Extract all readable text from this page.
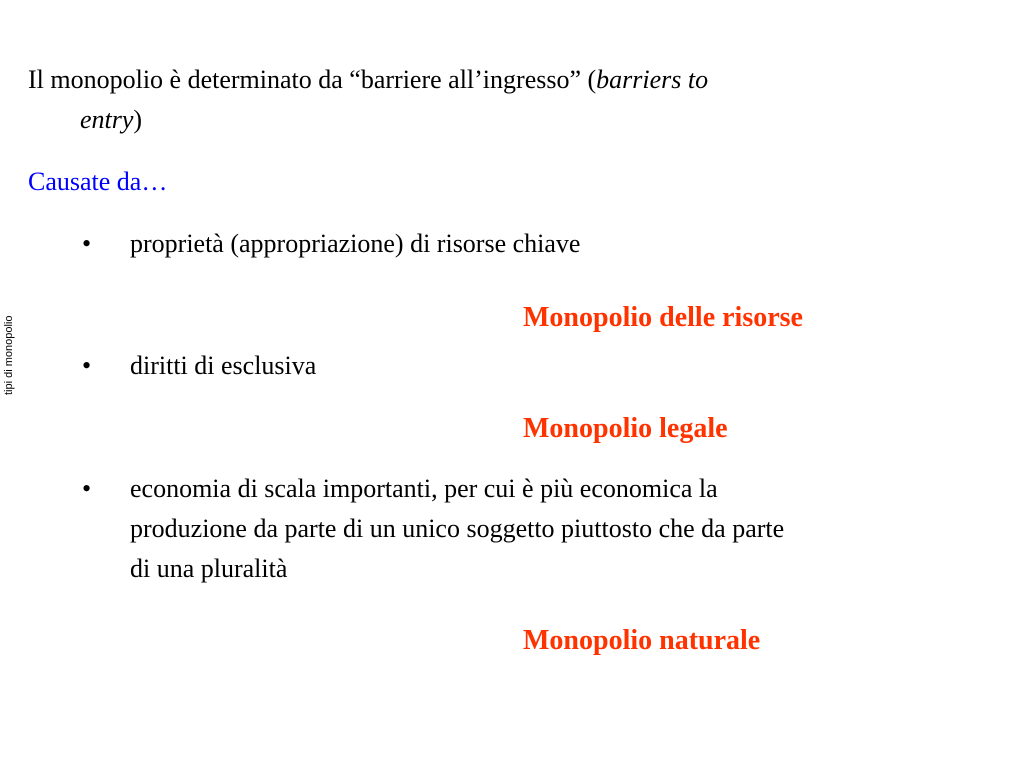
tipi di monopolio
Il monopolio è determinato da “barriere all’ingresso” (barriers to
entry)
Causate da…
• proprietà (appropriazione) di risorse chiave
Monopolio delle risorse
• diritti di esclusiva
Monopolio legale
• economia di scala importanti, per cui è più economica la
produzione da parte di un unico soggetto piuttosto che da parte
di una pluralità
Monopolio naturale
